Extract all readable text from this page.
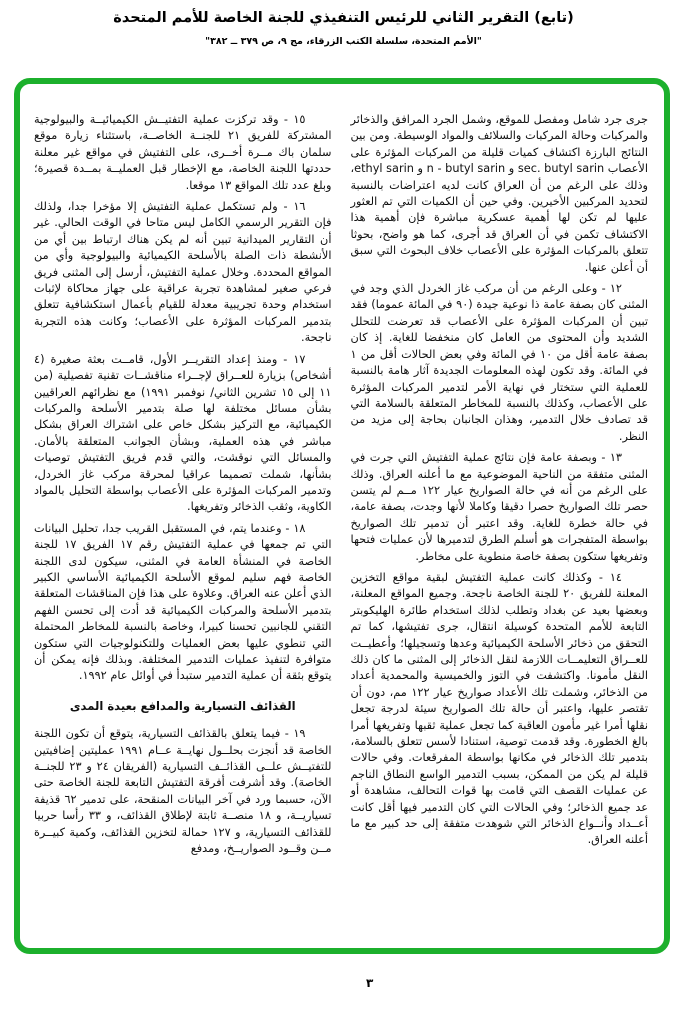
(تابع) التقرير الثاني للرئيس التنفيذي للجنة الخاصة للأمم المتحدة
"الأمم المتحدة، سلسلة الكتب الزرقاء، مج ٩، ص ٣٧٩ ــ ٣٨٢"

جرى جرد شامل ومفصل للموقع، وشمل الجرد المرافق والذخائر والمركبات وحالة المركبات والسلائف والمواد الوسيطة. ومن بين النتائج البارزة اكتشاف كميات قليلة من المركبات المؤثرة على الأعصاب sec. butyl sarin و n - butyl sarin و ethyl sarin، وذلك على الرغم من أن العراق كانت لديه اعتراضات بالنسبة لتحديد المركبين الأخيرين. وفي حين أن الكميات التي تم العثور عليها لم تكن لها أهمية عسكرية مباشرة فإن أهمية هذا الاكتشاف تكمن في أن العراق قد أجرى، كما هو واضح، بحوثا تتعلق بالمركبات المؤثرة على الأعصاب خلاف البحوث التي سبق أن أعلن عنها.

١٢ - وعلى الرغم من أن مركب غاز الخردل الذي وجد في المثنى كان بصفة عامة ذا نوعية جيدة (٩٠ في المائة عموما) فقد تبين أن المركبات المؤثرة على الأعصاب قد تعرضت للتحلل الشديد وأن المحتوى من العامل كان منخفضا للغاية. إذ كان بصفة عامة أقل من ١٠ في المائة وفي بعض الحالات أقل من ١ في المائة. وقد تكون لهذه المعلومات الجديدة آثار هامة بالنسبة للعملية التي ستختار في نهاية الأمر لتدمير المركبات المؤثرة على الأعصاب، وكذلك بالنسبة للمخاطر المتعلقة بالسلامة التي قد تصادف خلال التدمير، وهذان الجانبان بحاجة إلى مزيد من النظر.

١٣ - وبصفة عامة فإن نتائج عملية التفتيش التي جرت في المثنى متفقة من الناحية الموضوعية مع ما أعلنه العراق. وذلك على الرغم من أنه في حالة الصواريخ عيار ١٢٢ مــم لم يتسن حصر تلك الصواريخ حصرا دقيقا وكاملا لأنها وجدت، بصفة عامة، في حالة خطرة للغاية. وقد اعتبر أن تدمير تلك الصواريخ بواسطة المتفجرات هو أسلم الطرق لتدميرها لأن عمليات فتحها وتفريغها ستكون بصفة خاصة منطوية على مخاطر.

١٤ - وكذلك كانت عملية التفتيش لبقية مواقع التخزين المعلنة للفريق ٢٠ للجنة الخاصة ناجحة. وجميع المواقع المعلنة، وبعضها بعيد عن بغداد وتطلب لذلك استخدام طائرة الهليكوبتر التابعة للأمم المتحدة كوسيلة انتقال، جرى تفتيشها، كما تم التحقق من ذخائر الأسلحة الكيميائية وعدها وتسجيلها؛ وأعطيــت للعــراق التعليمــات اللازمة لنقل الذخائر إلى المثنى ما كان ذلك النقل مأمونا. واكتشفت في التوز والخميسية والمحمدية أعداد من الذخائر، وشملت تلك الأعداد صواريخ عيار ١٢٢ مم، دون أن تقتصر عليها، واعتبر أن حالة تلك الصواريخ سيئة لدرجة تجعل نقلها أمرا غير مأمون العاقبة كما تجعل عملية ثقبها وتفريغها أمرا بالغ الخطورة. وقد قدمت توصية، استنادا لأسس تتعلق بالسلامة، بتدمير تلك الذخائر في مكانها بواسطة المفرقعات. وفي حالات قليلة لم يكن من الممكن، بسبب التدمير الواسع النطاق الناجم عن عمليات القصف التي قامت بها قوات التحالف، مشاهدة أو عد جميع الذخائر؛ وفي الحالات التي كان التدمير فيها أقل كانت أعــداد وأنــواع الذخائر التي شوهدت متفقة إلى حد كبير مع ما أعلنه العراق.

١٥ - وقد تركزت عملية التفتيــش الكيميائيــة والبيولوجية المشتركة للفريق ٢١ للجنــة الخاصــة، باستثناء زيارة موقع سلمان باك مــرة أخــرى، على التفتيش في مواقع غير معلنة حددتها اللجنة الخاصة، مع الإخطار قبل العمليــة بمــدة قصيرة؛ وبلغ عدد تلك المواقع ١٣ موقعا.

١٦ - ولم تستكمل عملية التفتيش إلا مؤخرا جدا، ولذلك فإن التقرير الرسمي الكامل ليس متاحا في الوقت الحالي. غير أن التقارير الميدانية تبين أنه لم يكن هناك ارتباط بين أي من الأنشطة ذات الصلة بالأسلحة الكيميائية والبيولوجية وأي من المواقع المحددة. وخلال عملية التفتيش، أرسل إلى المثنى فريق فرعي صغير لمشاهدة تجربة عراقية على جهاز محاكاة لإثبات استخدام وحدة تجريبية معدلة للقيام بأعمال استكشافية تتعلق بتدمير المركبات المؤثرة على الأعصاب؛ وكانت هذه التجربة ناجحة.

١٧ - ومنذ إعداد التقريــر الأول، قامــت بعثة صغيرة (٤ أشخاص) بزيارة للعــراق لإجــراء مناقشــات تقنية تفصيلية (من ١١ إلى ١٥ تشرين الثاني/ نوفمبر ١٩٩١) مع نظرائهم العراقيين بشأن مسائل مختلفة لها صلة بتدمير الأسلحة والمركبات الكيميائية، مع التركيز بشكل خاص على اشتراك العراق بشكل مباشر في هذه العملية، وبشأن الجوانب المتعلقة بالأمان. والمسائل التي نوقشت، والتي قدم فريق التفتيش توصيات بشأنها، شملت تصميما عراقيا لمحرقة مركب غاز الخردل، وتدمير المركبات المؤثرة على الأعصاب بواسطة التحليل بالمواد الكاوية، وثقب الذخائر وتفريغها.

١٨ - وعندما يتم، في المستقبل القريب جدا، تحليل البيانات التي تم جمعها في عملية التفتيش رقم ١٧ الفريق ١٧ للجنة الخاصة في المنشأة العامة في المثنى، سيكون لدى اللجنة الخاصة فهم سليم لموقع الأسلحة الكيميائية الأساسي الكبير الذي أعلن عنه العراق. وعلاوة على هذا فإن المناقشات المتعلقة بتدمير الأسلحة والمركبات الكيميائية قد أدت إلى تحسن الفهم التقني للجانبين تحسنا كبيرا، وخاصة بالنسبة للمخاطر المحتملة التي تنطوي عليها بعض العمليات وللتكنولوجيات التي ستكون متوافرة لتنفيذ عمليات التدمير المختلفة. وبذلك فإنه يمكن أن يتوقع بثقة أن عملية التدمير ستبدأ في أوائل عام ١٩٩٢.

القذائف التسيارية والمدافع بعيدة المدى

١٩ - فيما يتعلق بالقذائف التسيارية، يتوقع أن تكون اللجنة الخاصة قد أنجزت بحلــول نهايــة عــام ١٩٩١ عمليتين إضافيتين للتفتيــش علــى القذائــف التسيارية (الفريقان ٢٤ و ٢٣ للجنــة الخاصة). وقد أشرفت أفرقة التفتيش التابعة للجنة الخاصة حتى الآن، حسبما ورد في آخر البيانات المنقحة، على تدمير ٦٢ قذيفة تسياريــة، و ١٨ منصــة ثابتة لإطلاق القذائف، و ٣٣ رأسا حربيا للقذائف التسيارية، و ١٢٧ حمالة لتخزين القذائف، وكمية كبيــرة مــن وقــود الصواريــخ، ومدفع

٣
